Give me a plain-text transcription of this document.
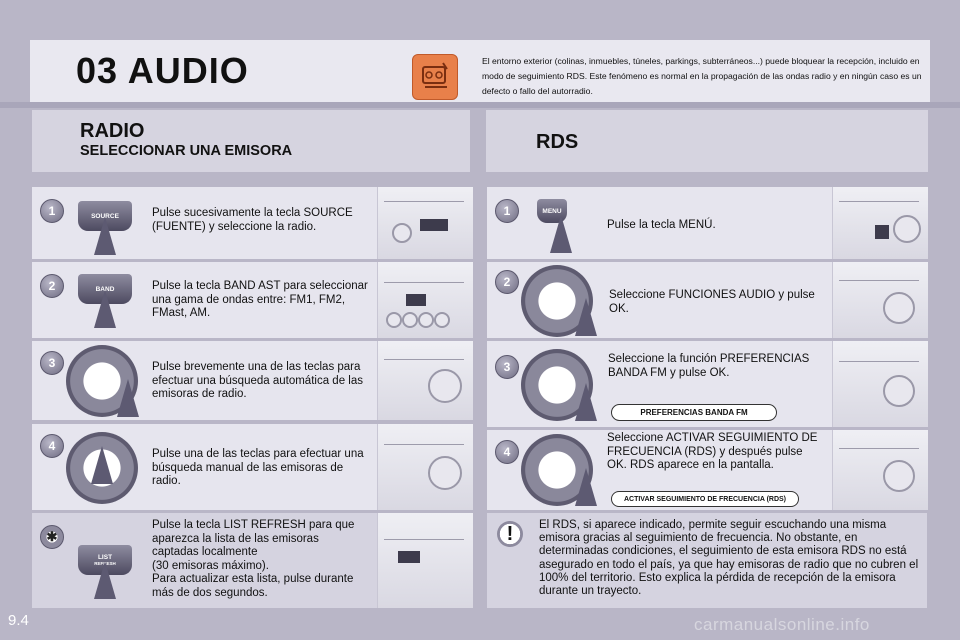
03 AUDIO	El entorno exterior (colinas, inmuebles, túneles, parkings, subterráneos...) puede bloquear la recepción, incluido en modo de seguimiento RDS. Este fenómeno es normal en la propagación de las ondas radio y en ningún caso es un defecto o fallo del autorradio.
RADIO
SELECCIONAR UNA EMISORA	RDS
1	SOURCE	Pulse sucesivamente la tecla SOURCE (FUENTE) y seleccione la radio.
2	BAND	Pulse la tecla BAND AST para seleccionar una gama de ondas entre: FM1, FM2, FMast, AM.
3	Pulse brevemente una de las teclas para efectuar una búsqueda automática de las emisoras de radio.
4
Pulse una de las teclas para efectuar una búsqueda manual de las emisoras de radio.
✱
LIST
REFRESH
Pulse la tecla LIST REFRESH para que aparezca la lista de las emisoras captadas localmente
(30 emisoras máximo).
Para actualizar esta lista, pulse durante más de dos segundos.
1	MENU
Pulse la tecla MENÚ.
2
Seleccione FUNCIONES AUDIO y pulse OK.
3
Seleccione la función PREFERENCIAS BANDA FM y pulse OK.
PREFERENCIAS BANDA FM
4
Seleccione ACTIVAR SEGUIMIENTO DE FRECUENCIA (RDS) y después pulse OK. RDS aparece en la pantalla.
ACTIVAR SEGUIMIENTO DE FRECUENCIA (RDS)
!	El RDS, si aparece indicado, permite seguir escuchando una misma emisora gracias al seguimiento de frecuencia. No obstante, en determinadas condiciones, el seguimiento de esta emisora RDS no está asegurado en todo el país, ya que hay emisoras de radio que no cubren el 100% del territorio. Esto explica la pérdida de recepción de la emisora durante un trayecto.
9.4	carmanualsonline.info
